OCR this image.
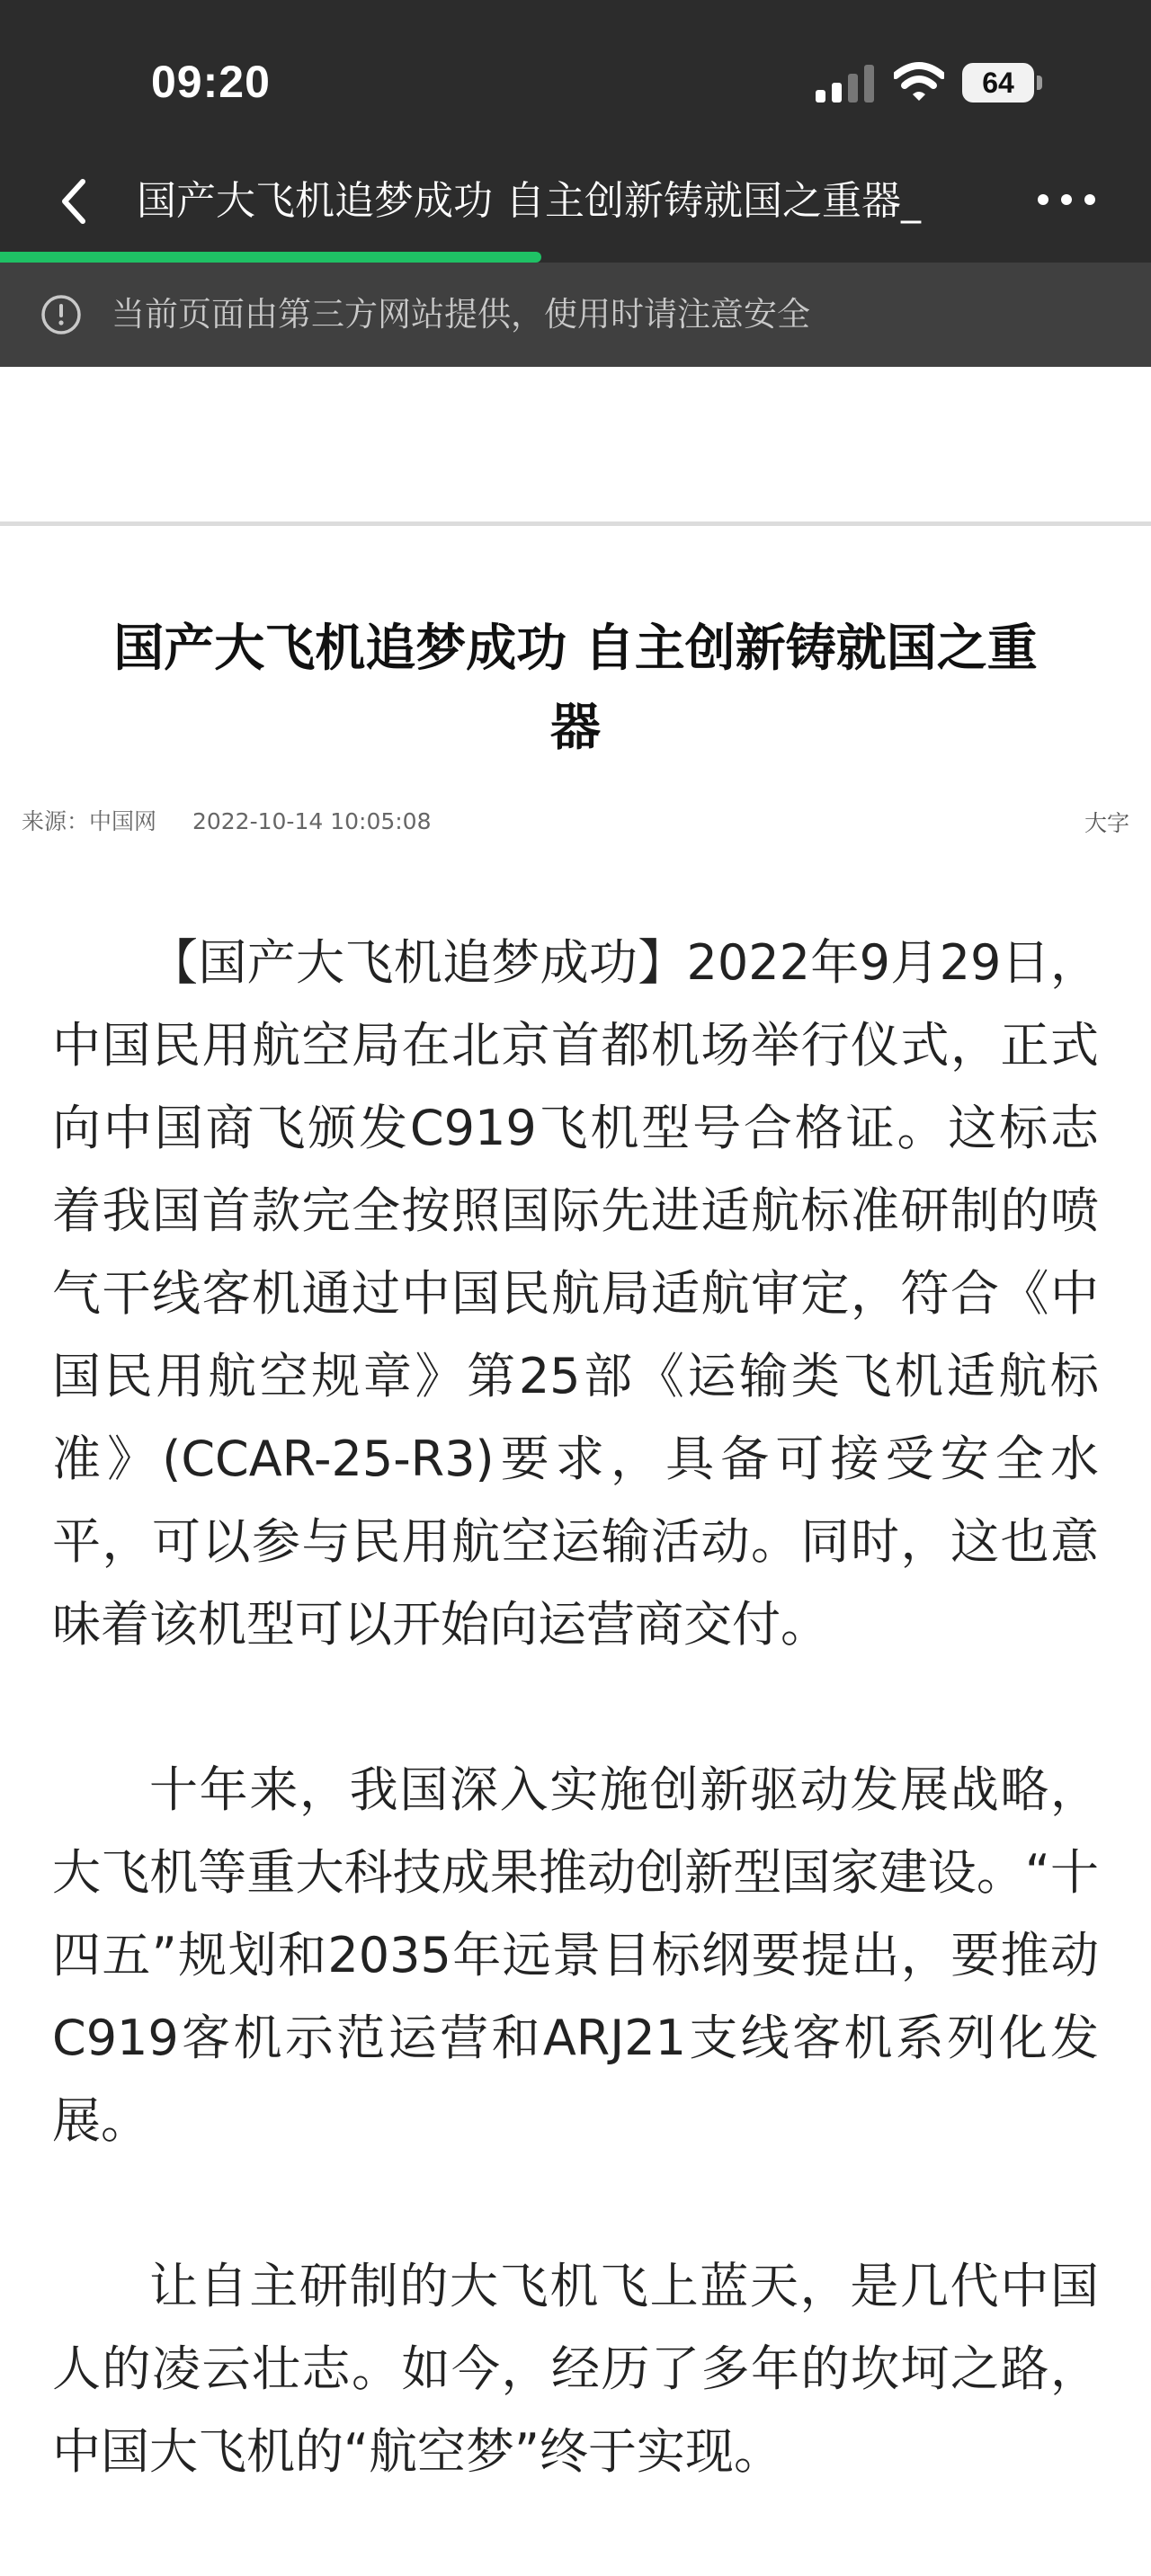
09:20	64
国产大飞机追梦成功 自主创新铸就国之重器_
当前页面由第三方网站提供，使用时请注意安全
国产大飞机追梦成功 自主创新铸就国之重器
来源：中国网 2022-10-14 10:05:08	大字

【国产大飞机追梦成功】2022年9月29日，中国民用航空局在北京首都机场举行仪式，正式向中国商飞颁发C919飞机型号合格证。这标志着我国首款完全按照国际先进适航标准研制的喷气干线客机通过中国民航局适航审定，符合《中国民用航空规章》第25部《运输类飞机适航标准》(CCAR-25-R3)要求，具备可接受安全水平，可以参与民用航空运输活动。同时，这也意味着该机型可以开始向运营商交付。

十年来，我国深入实施创新驱动发展战略，大飞机等重大科技成果推动创新型国家建设。“十四五”规划和2035年远景目标纲要提出，要推动C919客机示范运营和ARJ21支线客机系列化发展。

让自主研制的大飞机飞上蓝天，是几代中国人的凌云壮志。如今，经历了多年的坎坷之路，中国大飞机的“航空梦”终于实现。
